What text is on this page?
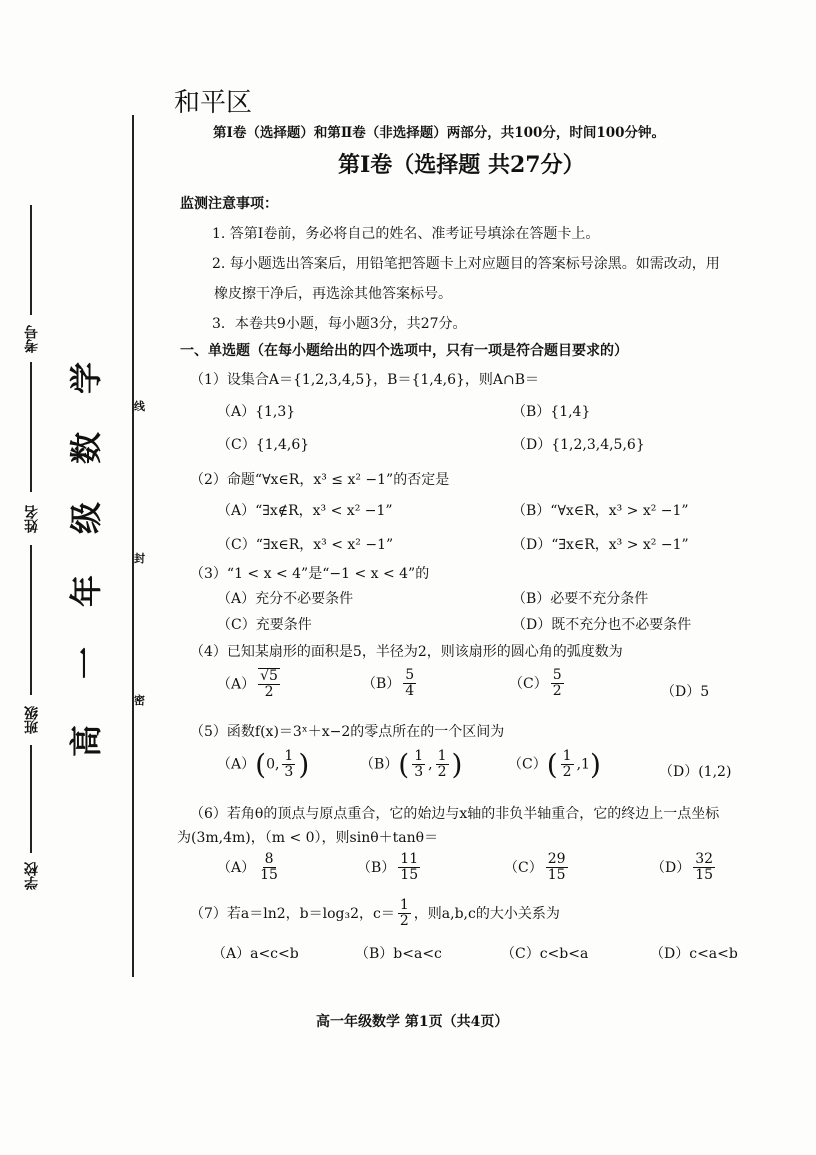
线
封
密
考号
姓名
班级
学校
学
数
级
年
一
高
和平区
第Ⅰ卷（选择题）和第Ⅱ卷（非选择题）两部分，共100分，时间100分钟。
第Ⅰ卷（选择题 共27分）
监测注意事项：
1. 答第Ⅰ卷前，务必将自己的姓名、准考证号填涂在答题卡上。
2. 每小题选出答案后，用铅笔把答题卡上对应题目的答案标号涂黑。如需改动，用
橡皮擦干净后，再选涂其他答案标号。
3．本卷共9小题，每小题3分，共27分。
一、单选题（在每小题给出的四个选项中，只有一项是符合题目要求的）
（1）设集合A＝{1,2,3,4,5}，B＝{1,4,6}，则A∩B＝
（A）{1,3}	（B）{1,4}
（C）{1,4,6}	（D）{1,2,3,4,5,6}
（2）命题“∀x∈R，x³ ≤ x² −1”的否定是
（A）“∃x∉R，x³ < x² −1”	（B）“∀x∈R，x³ > x² −1”
（C）“∃x∈R，x³ < x² −1”	（D）“∃x∈R，x³ > x² −1”
（3）“1 < x < 4”是“−1 < x < 4”的
（A）充分不必要条件	（B）必要不充分条件
（C）充要条件	（D）既不充分也不必要条件
（4）已知某扇形的面积是5，半径为2，则该扇形的圆心角的弧度数为
$(A) \frac{√5}{2}$	$(B) \frac{5}{4}$	$(C) \frac{5}{2}$	（D）5
（5）函数f(x)＝3ˣ＋x−2的零点所在的一个区间为
（A）(0, $\frac{1}{3}$ )	$(B)( \frac{1}{3}$ , $\frac{1}{2}$ )	$(C)( \frac{1}{2} ,1)$	（D）(1,2)
（6）若角θ的顶点与原点重合，它的始边与x轴的非负半轴重合，它的终边上一点坐标
为(3m,4m)，（m < 0），则sinθ＋tanθ＝
$(A) \frac{8}{15}$	$(B) \frac{11}{15}$	$(C) \frac{29}{15}$	$(D) \frac{32}{15}$
（7）若a＝ln2，b＝log₃2，$c= \frac{1}{2}$ ，则a,b,c的大小关系为
（A）a<c<b	（B）b<a<c	（C）c<b<a	（D）c<a<b
高一年级数学 第1页（共4页）
